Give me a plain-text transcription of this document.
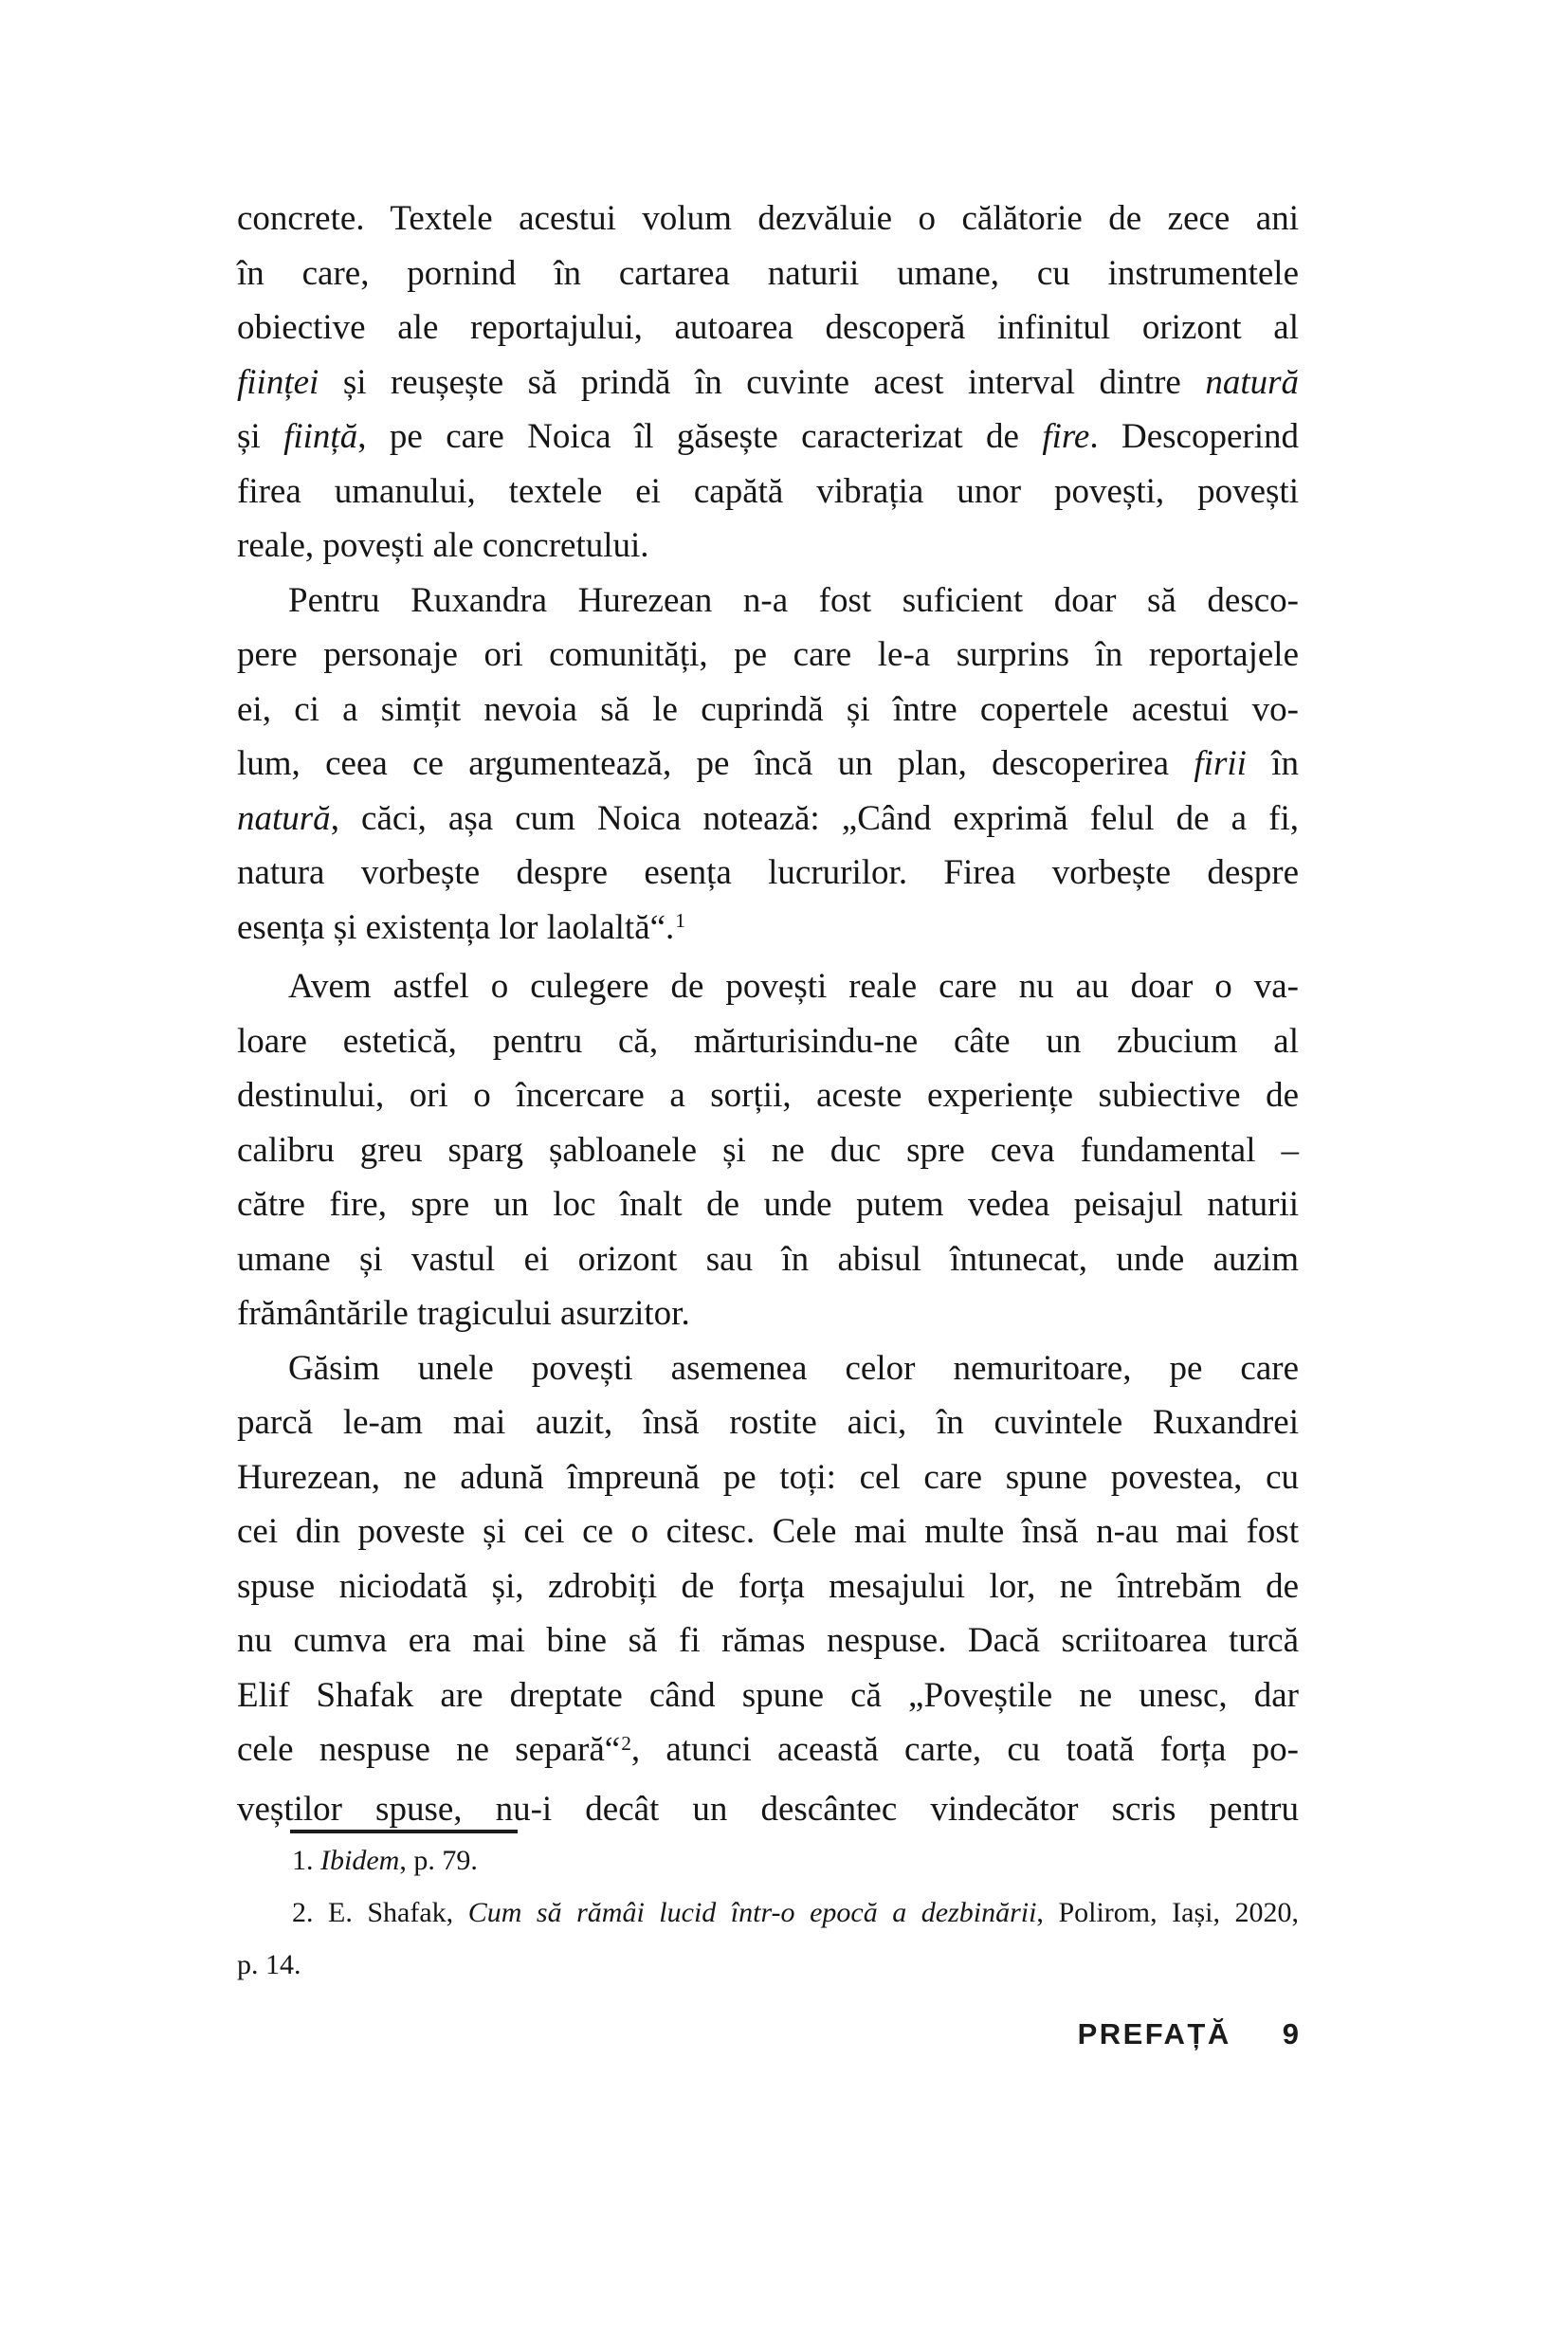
concrete. Textele acestui volum dezvăluie o călătorie de zece ani
în care, pornind în cartarea naturii umane, cu instrumentele
obiective ale reportajului, autoarea descoperă infinitul orizont al
ființei și reușește să prindă în cuvinte acest interval dintre natură
și ființă, pe care Noica îl găsește caracterizat de fire. Descoperind
firea umanului, textele ei capătă vibrația unor povești, povești
reale, povești ale concretului.
Pentru Ruxandra Hurezean n-a fost suficient doar să desco-
pere personaje ori comunități, pe care le-a surprins în reportajele
ei, ci a simțit nevoia să le cuprindă și între copertele acestui vo-
lum, ceea ce argumentează, pe încă un plan, descoperirea firii în
natură, căci, așa cum Noica notează: „Când exprimă felul de a fi,
natura vorbește despre esența lucrurilor. Firea vorbește despre
esența și existența lor laolaltă“.$^1$
Avem astfel o culegere de povești reale care nu au doar o va-
loare estetică, pentru că, mărturisindu-ne câte un zbucium al
destinului, ori o încercare a sorții, aceste experiențe subiective de
calibru greu sparg șabloanele și ne duc spre ceva fundamental –
către fire, spre un loc înalt de unde putem vedea peisajul naturii
umane și vastul ei orizont sau în abisul întunecat, unde auzim
frământările tragicului asurzitor.
Găsim unele povești asemenea celor nemuritoare, pe care
parcă le-am mai auzit, însă rostite aici, în cuvintele Ruxandrei
Hurezean, ne adună împreună pe toți: cel care spune povestea, cu
cei din poveste și cei ce o citesc. Cele mai multe însă n-au mai fost
spuse niciodată și, zdrobiți de forța mesajului lor, ne întrebăm de
nu cumva era mai bine să fi rămas nespuse. Dacă scriitoarea turcă
Elif Shafak are dreptate când spune că „Poveștile ne unesc, dar
cele nespuse ne separă“$^2$, atunci această carte, cu toată forța po-
veștilor spuse, nu-i decât un descântec vindecător scris pentru
1. Ibidem, p. 79.
2. E. Shafak, Cum să rămâi lucid într-o epocă a dezbinării, Polirom, Iași, 2020,
p. 14.
PREFAȚĂ 9
